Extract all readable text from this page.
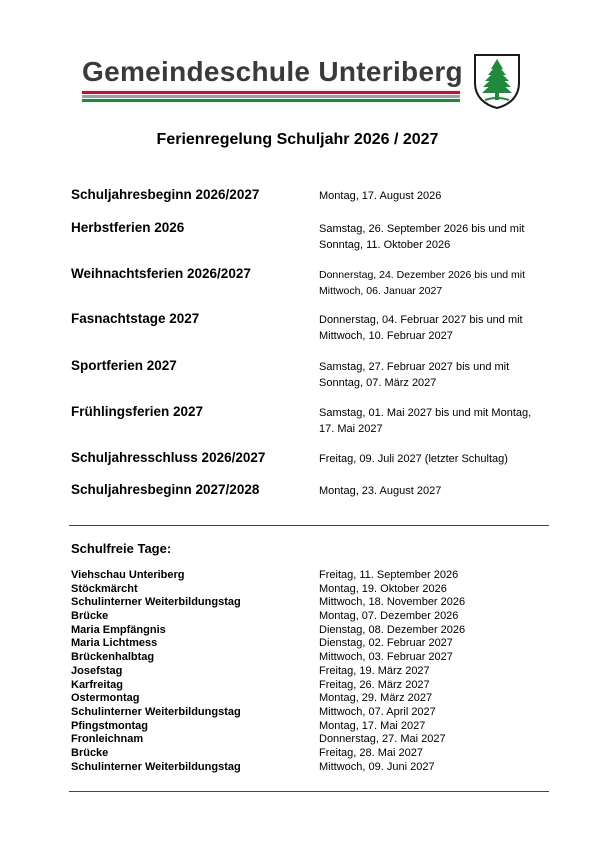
Gemeindeschule Unteriberg
Ferienregelung Schuljahr 2026 / 2027
Schuljahresbeginn 2026/2027	Montag, 17. August 2026
Herbstferien 2026	Samstag, 26. September 2026 bis und mit Sonntag, 11. Oktober 2026
Weihnachtsferien 2026/2027	Donnerstag, 24. Dezember 2026 bis und mit Mittwoch, 06. Januar 2027
Fasnachtstage 2027	Donnerstag, 04. Februar 2027 bis und mit Mittwoch, 10. Februar 2027
Sportferien 2027	Samstag, 27. Februar 2027 bis und mit Sonntag, 07. März 2027
Frühlingsferien 2027	Samstag, 01. Mai 2027 bis und mit Montag, 17. Mai 2027
Schuljahresschluss 2026/2027	Freitag, 09. Juli 2027 (letzter Schultag)
Schuljahresbeginn 2027/2028	Montag, 23. August 2027
Schulfreie Tage:
Viehschau Unteriberg	Freitag, 11. September 2026
Stöckmärcht	Montag, 19. Oktober 2026
Schulinterner Weiterbildungstag	Mittwoch, 18. November 2026
Brücke	Montag, 07. Dezember 2026
Maria Empfängnis	Dienstag, 08. Dezember 2026
Maria Lichtmess	Dienstag, 02. Februar 2027
Brückenhalbtag	Mittwoch, 03. Februar 2027
Josefstag	Freitag, 19. März 2027
Karfreitag	Freitag, 26. März 2027
Ostermontag	Montag, 29. März 2027
Schulinterner Weiterbildungstag	Mittwoch, 07. April 2027
Pfingstmontag	Montag, 17. Mai 2027
Fronleichnam	Donnerstag, 27. Mai 2027
Brücke	Freitag, 28. Mai 2027
Schulinterner Weiterbildungstag	Mittwoch, 09. Juni 2027
